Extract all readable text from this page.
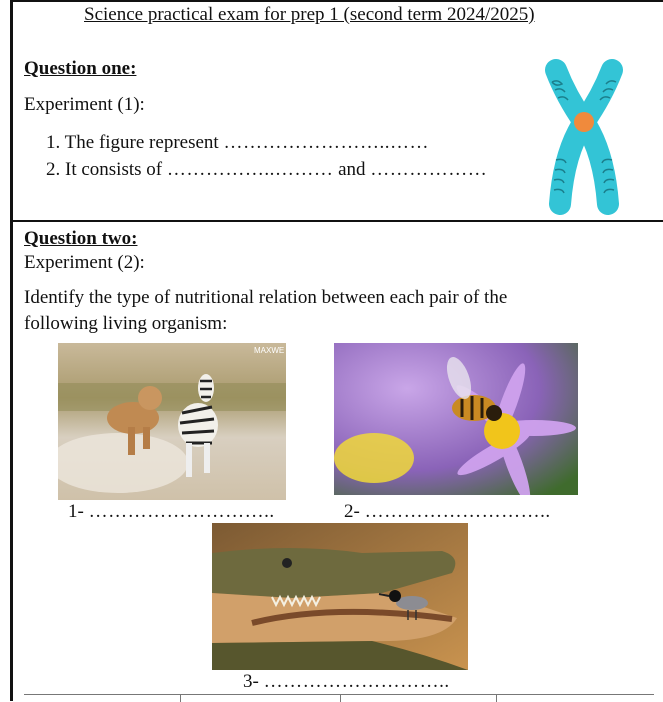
Science practical exam for prep 1 (second term 2024/2025)
Question one:
Experiment (1):
1. The figure represent ……………………..……
2. It consists of ……………..……… and ………………
Question two:
Experiment (2):
Identify the type of nutritional relation between each pair of the
following living organism:
MAXWE
1- ………………………..	2- ………………………..
3- ………………………..
